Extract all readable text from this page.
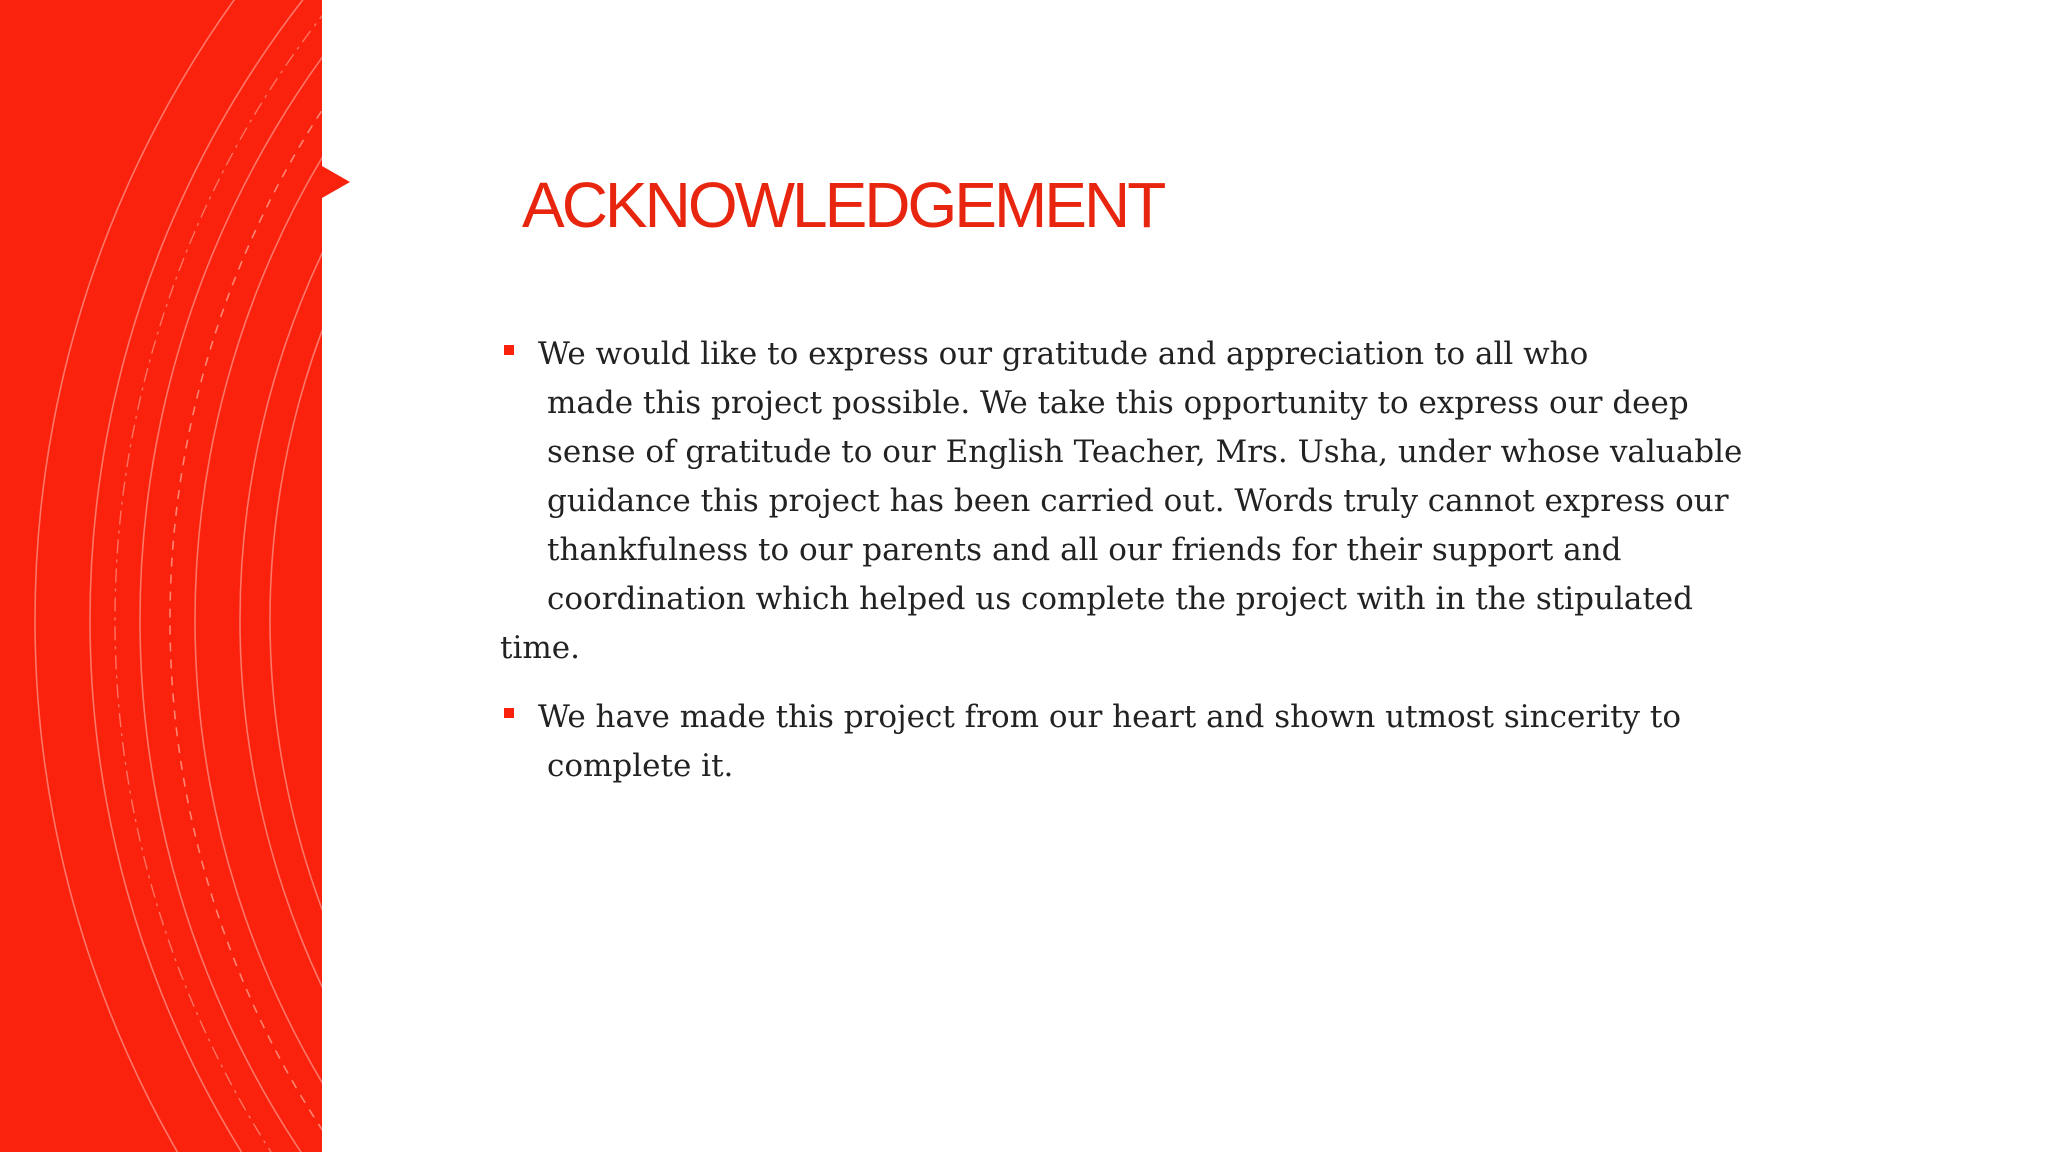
ACKNOWLEDGEMENT
We would like to express our gratitude and appreciation to all who
made this project possible. We take this opportunity to express our deep
sense of gratitude to our English Teacher, Mrs. Usha, under whose valuable
guidance this project has been carried out. Words truly cannot express our
thankfulness to our parents and all our friends for their support and
coordination which helped us complete the project with in the stipulated
time.
We have made this project from our heart and shown utmost sincerity to
complete it.
